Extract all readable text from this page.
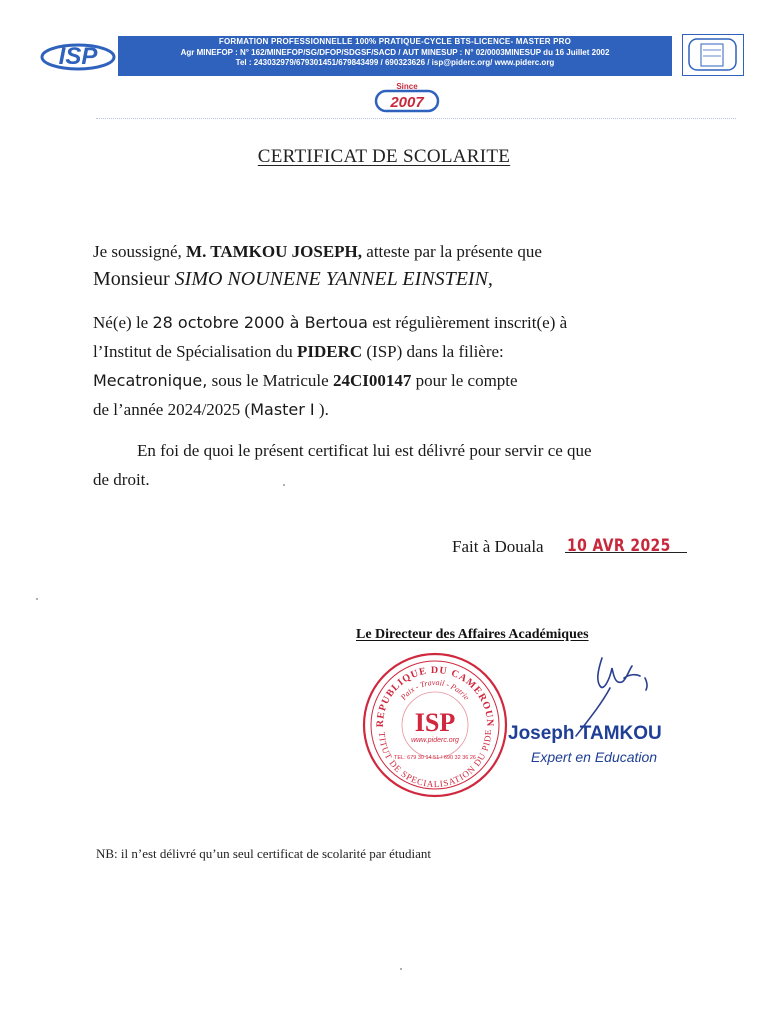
ISP
FORMATION PROFESSIONNELLE 100% PRATIQUE-CYCLE BTS-LICENCE- MASTER PRO
Agr MINEFOP : N° 162/MINEFOP/SG/DFOP/SDGSF/SACD / AUT MINESUP : N° 02/0003MINESUP du 16 Juillet 2002
Tel : 243032979/679301451/679843499 / 690323626 / isp@piderc.org/ www.piderc.org
Since
2007
CERTIFICAT DE SCOLARITE
Je soussigné, M. TAMKOU JOSEPH, atteste par la présente que
Monsieur SIMO NOUNENE YANNEL EINSTEIN,
Né(e) le 28 octobre 2000 à Bertoua est régulièrement inscrit(e) à
l’Institut de Spécialisation du PIDERC (ISP) dans la filière:
Mecatronique, sous le Matricule 24CI00147 pour le compte
de l’année 2024/2025 (Master I ).
En foi de quoi le présent certificat lui est délivré pour servir ce que
de droit.
Fait à Douala 10 AVR 2025
Le Directeur des Affaires Académiques
REPUBLIQUE DU CAMEROUN
Paix - Travail - Patrie
ISP
www.piderc.org
TITUT DE SPECIALISATION DU PIDE
TEL: 679 30 14 51 / 690 32 36 26
Joseph TAMKOU
Expert en Education
NB: il n’est délivré qu’un seul certificat de scolarité par étudiant
